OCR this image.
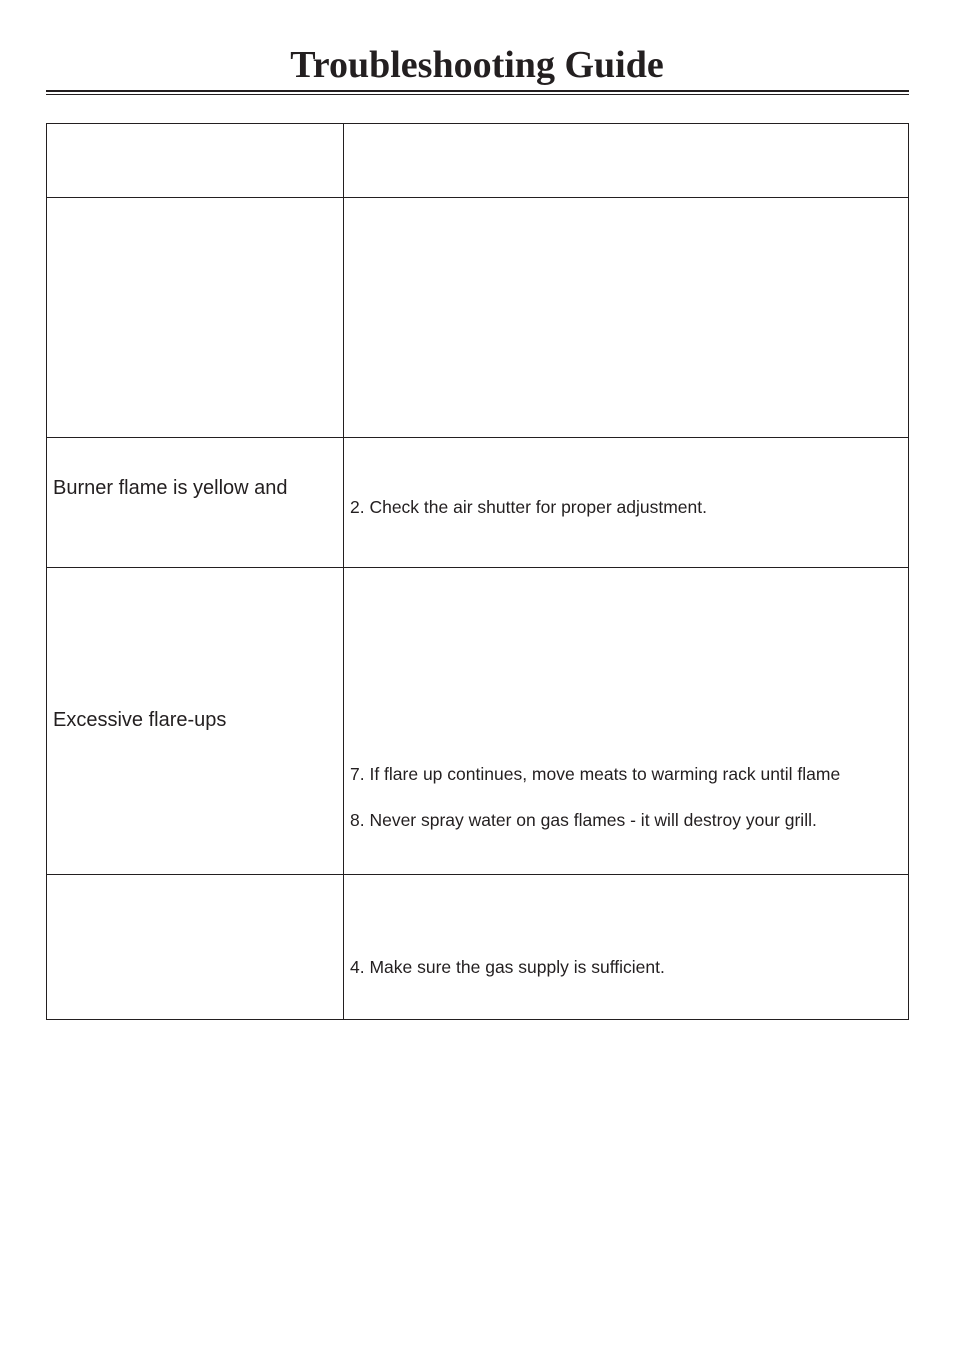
Troubleshooting Guide
Burner flame is yellow and
2. Check the air shutter for proper adjustment.
Excessive flare-ups
7. If flare up continues, move meats to warming rack until flame
8. Never spray water on gas flames - it will destroy your grill.
4. Make sure the gas supply is sufficient.
